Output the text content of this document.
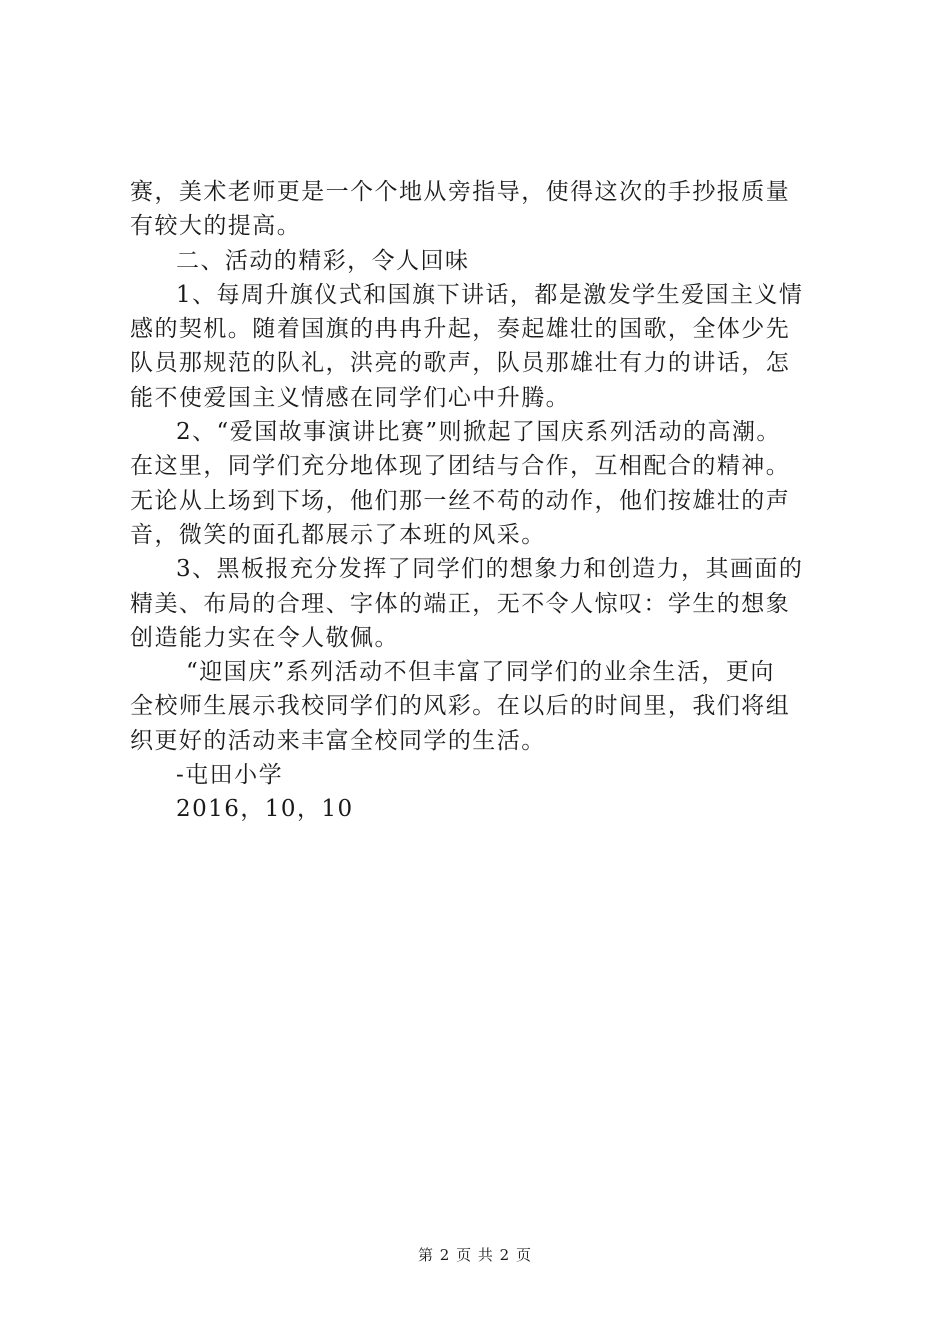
赛，美术老师更是一个个地从旁指导，使得这次的手抄报质量
有较大的提高。
二、活动的精彩，令人回味
1、每周升旗仪式和国旗下讲话，都是激发学生爱国主义情
感的契机。随着国旗的冉冉升起，奏起雄壮的国歌，全体少先
队员那规范的队礼，洪亮的歌声，队员那雄壮有力的讲话，怎
能不使爱国主义情感在同学们心中升腾。
2、“爱国故事演讲比赛”则掀起了国庆系列活动的高潮。
在这里，同学们充分地体现了团结与合作，互相配合的精神。
无论从上场到下场，他们那一丝不苟的动作，他们按雄壮的声
音，微笑的面孔都展示了本班的风采。
3、黑板报充分发挥了同学们的想象力和创造力，其画面的
精美、布局的合理、字体的端正，无不令人惊叹：学生的想象
创造能力实在令人敬佩。
“迎国庆”系列活动不但丰富了同学们的业余生活，更向
全校师生展示我校同学们的风彩。在以后的时间里，我们将组
织更好的活动来丰富全校同学的生活。
-屯田小学
2016，10，10
第 2 页 共 2 页
